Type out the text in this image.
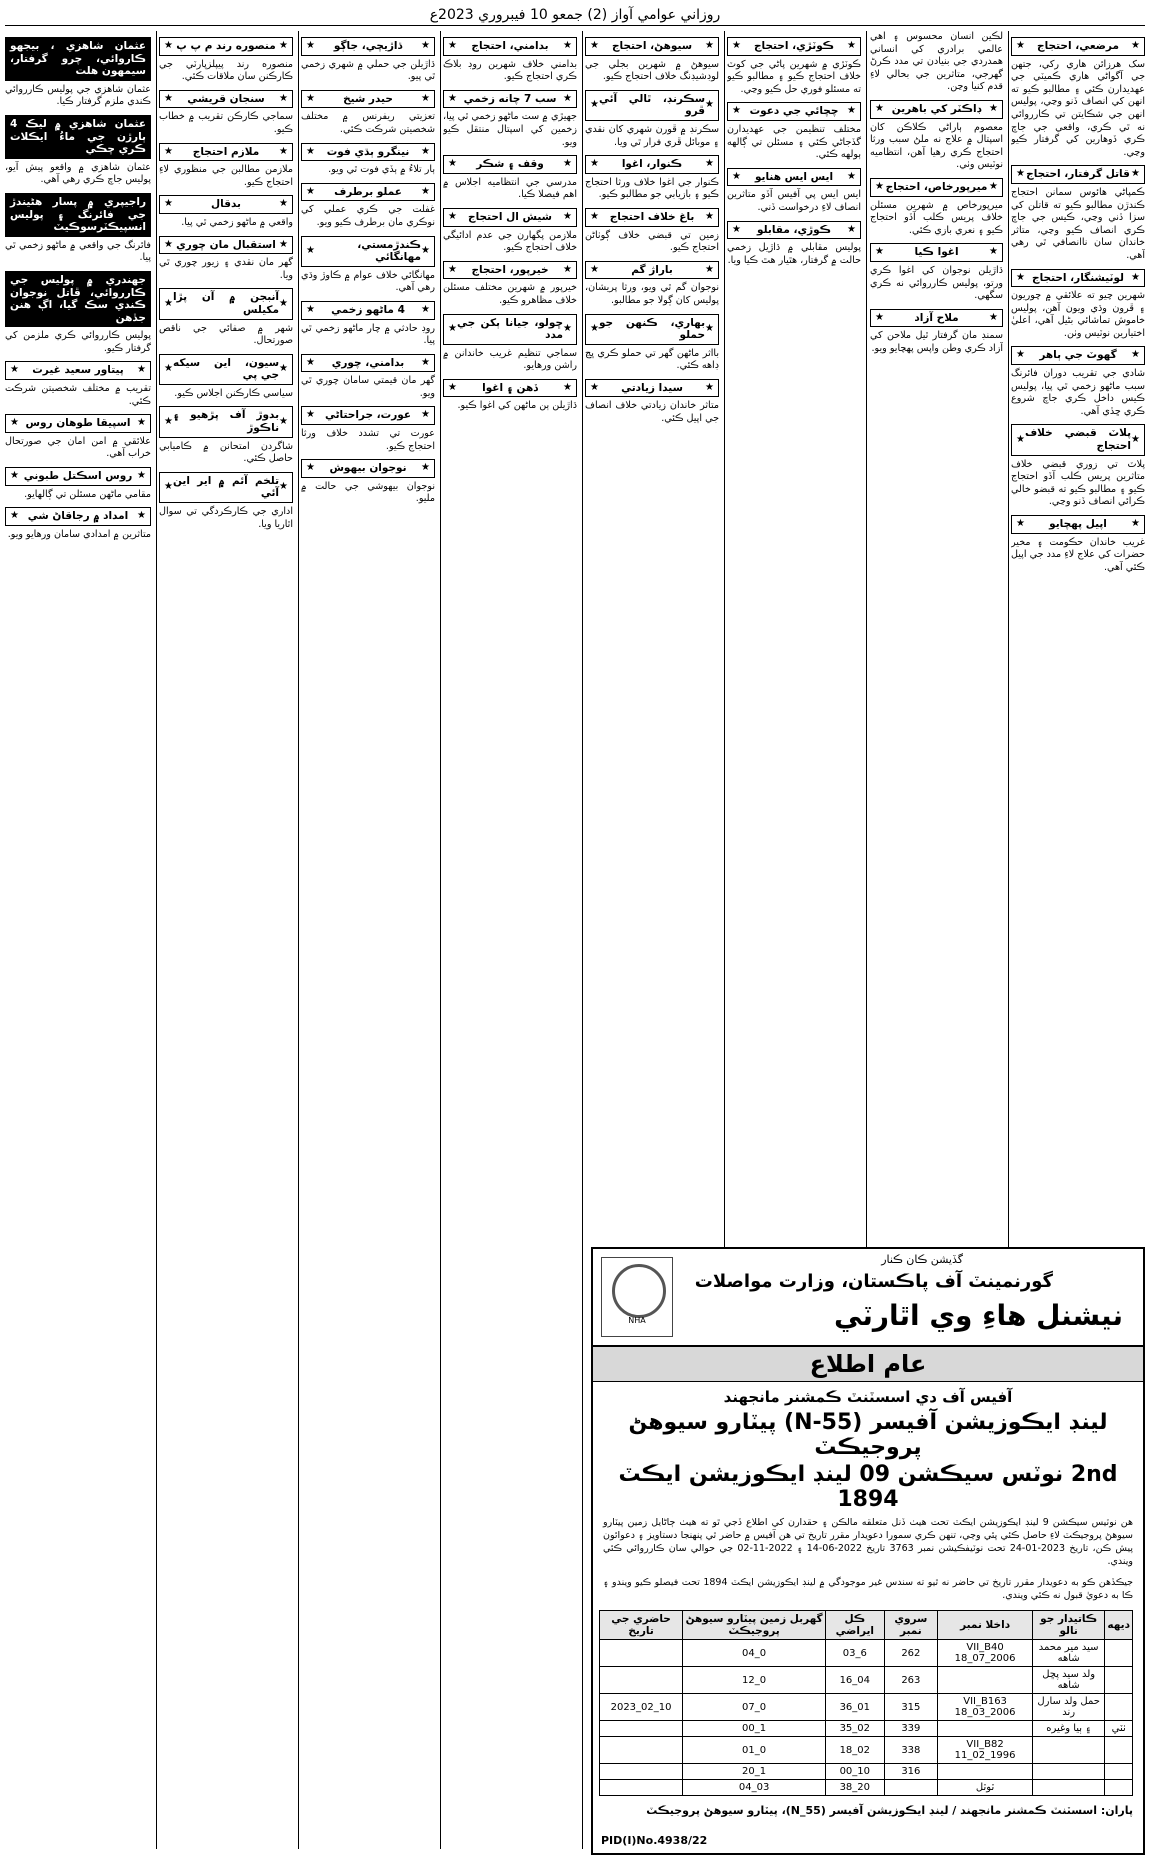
روزاني عوامي آواز (2) جمعو 10 فيبروري 2023ع
★
مرضعي، احتجاج
★
سک هرزائن هاري رکي، جتهن جي آگواڻي هاري ڪميٽي جي عهديدارن ڪئي ۽ مطالبو ڪيو ته انهن کي انصاف ڏنو وڃي، پوليس انهن جي شڪايتن تي ڪارروائي نه ٿي ڪري، واقعي جي جاچ ڪري ڏوهارين کي گرفتار ڪيو وڃي.
★
قاتل گرفتار، احتجاج
★
ڪمپاڻي هائوس سمانن احتجاج ڪندڙن مطالبو ڪيو ته قاتلن کي سزا ڏني وڃي، ڪيس جي جاچ ڪري انصاف ڪيو وڃي، متاثر خاندان سان ناانصافي ٿي رهي آهي.
★
لوٽيشنگار، احتجاج
★
شهرين چيو ته علائقي ۾ چوريون ۽ ڦرون وڌي ويون آهن، پوليس خاموش تماشائي بڻيل آهي، اعليٰ اختيارين نوٽيس وٺن.
★
گهوٽ جي ٻاهر
★
شادي جي تقريب دوران فائرنگ سبب ماڻهو زخمي ٿي پيا، پوليس ڪيس داخل ڪري جاچ شروع ڪري ڇڏي آهي.
★
پلاٽ قبضي خلاف احتجاج
★
پلاٽ تي زوري قبضي خلاف متاثرين پريس ڪلب آڏو احتجاج ڪيو ۽ مطالبو ڪيو ته قبضو خالي ڪرائي انصاف ڏنو وڃي.
★
اپيل پهچايو
★
غريب خاندان حڪومت ۽ مخير حضرات کي علاج لاءِ مدد جي اپيل ڪئي آهي.
لڪين انسان محسوس ۽ اهي عالمي برادري کي انساني همدردي جي بنيادن تي مدد ڪرڻ گهرجي، متاثرين جي بحالي لاءِ قدم کنيا وڃن.
★
ڊاڪٽر کي باهرين
★
معصوم ٻاراڻي ڪلاڪن کان اسپتال ۾ علاج نه ملڻ سبب ورثا احتجاج ڪري رهيا آهن، انتظاميه نوٽيس وٺي.
★
ميرپورخاص، احتجاج
★
ميرپورخاص ۾ شهرين مسئلن خلاف پريس ڪلب آڏو احتجاج ڪيو ۽ نعري بازي ڪئي.
★
اغوا ڪيا
★
ڌاڙيلن نوجوان کي اغوا ڪري ورتو، پوليس ڪارروائي نه ڪري سگهي.
★
ملاح آزاد
★
سمنڊ مان گرفتار ٿيل ملاحن کي آزاد ڪري وطن واپس پهچايو ويو.
★
ڪوٽڙي، احتجاج
★
ڪوٽڙي ۾ شهرين پاڻي جي کوٽ خلاف احتجاج ڪيو ۽ مطالبو ڪيو ته مسئلو فوري حل ڪيو وڃي.
★
چچائي جي دعوت
★
مختلف تنظيمن جي عهديدارن گڏجاڻي ڪئي ۽ مسئلن تي ڳالهه ٻولهه ڪئي.
★
ايس ايس هنايو
★
ايس ايس پي آفيس آڏو متاثرين انصاف لاءِ درخواست ڏني.
★
ڪوڙي، مقابلو
★
پوليس مقابلي ۾ ڌاڙيل زخمي حالت ۾ گرفتار، هٿيار هٿ ڪيا ويا.
★
سيوهڻ، احتجاج
★
سيوهڻ ۾ شهرين بجلي جي لوڊشيڊنگ خلاف احتجاج ڪيو.
★
سڪرنڊ، ٿالي آئي ڦرو
★
سڪرنڊ ۾ ڦورن شهري کان نقدي ۽ موبائل ڦري فرار ٿي ويا.
★
ڪنوار، اغوا
★
ڪنوار جي اغوا خلاف ورثا احتجاج ڪيو ۽ بازيابي جو مطالبو ڪيو.
★
باغ خلاف احتجاج
★
زمين تي قبضي خلاف ڳوٺاڻن احتجاج ڪيو.
★
باراژ گم
★
نوجوان گم ٿي ويو، ورثا پريشان، پوليس کان ڳولا جو مطالبو.
★
بهاري، ڪنهن جو حملو
★
بااثر ماڻهن گهر تي حملو ڪري ڀڃ ڊاهه ڪئي.
★
سيدا زيادتي
★
متاثر خاندان زيادتي خلاف انصاف جي اپيل ڪئي.
★
بدامني، احتجاج
★
بدامني خلاف شهرين روڊ بلاڪ ڪري احتجاج ڪيو.
★
سب 7 چانه زخمي
★
جهيڙي ۾ ست ماڻهو زخمي ٿي پيا، زخمين کي اسپتال منتقل ڪيو ويو.
★
وقف ۽ شڪر
★
مدرسي جي انتظاميه اجلاس ۾ اهم فيصلا ڪيا.
★
شيش ال احتجاج
★
ملازمن پگهارن جي عدم ادائيگي خلاف احتجاج ڪيو.
★
خيرپور، احتجاج
★
خيرپور ۾ شهرين مختلف مسئلن خلاف مظاهرو ڪيو.
★
ڇولو، جيانا ٻکن جي مدد
★
سماجي تنظيم غريب خاندانن ۾ راشن ورهايو.
★
ڏهن ۽ اغوا
★
ڌاڙيلن ٻن ماڻهن کي اغوا ڪيو.
★
ڌاڙيچي، جاڳو
★
ڌاڙيلن جي حملي ۾ شهري زخمي ٿي پيو.
★
حيدر شيخ
★
تعزيتي ريفرنس ۾ مختلف شخصيتن شرڪت ڪئي.
★
نينگرو ٻڌي فوت
★
ٻار تلاءُ ۾ ٻڏي فوت ٿي ويو.
★
عملو برطرف
★
غفلت جي ڪري عملي کي نوڪري مان برطرف ڪيو ويو.
★
ڪندڙمستي، مهانگائي
★
مهانگائي خلاف عوام ۾ ڪاوڙ وڌي رهي آهي.
★
4 ماڻهو زخمي
★
روڊ حادثي ۾ چار ماڻهو زخمي ٿي پيا.
★
بدامني، چوري
★
گهر مان قيمتي سامان چوري ٿي ويو.
★
عورت، جراحتاڻي
★
عورت تي تشدد خلاف ورثا احتجاج ڪيو.
★
نوجوان بيهوش
★
نوجوان بيهوشي جي حالت ۾ مليو.
★
منصوره رند م پ پ
★
منصوره رند پيپلزپارٽي جي ڪارڪنن سان ملاقات ڪئي.
★
سنجان قريشي
★
سماجي ڪارڪن تقريب ۾ خطاب ڪيو.
★
ملازم احتجاج
★
ملازمن مطالبن جي منظوري لاءِ احتجاج ڪيو.
★
بدقال
★
واقعي ۾ ماڻهو زخمي ٿي پيا.
★
استقبال مان چوري
★
گهر مان نقدي ۽ زيور چوري ٿي ويا.
★
آنبجن ۾ آن پڙا مكيلس
★
شهر ۾ صفائي جي ناقص صورتحال.
★
سيون، اين سيکه جي پي
★
سياسي ڪارڪنن اجلاس ڪيو.
★
بدوڙ آف پڙهيو ۽ ناڪوڙ
★
شاگردن امتحانن ۾ ڪاميابي حاصل ڪئي.
★
تلخم آئم ۾ اير اين آئي
★
اداري جي ڪارڪردگي تي سوال اٿاريا ويا.
عثمان شاهزي ، بيجهو ڪاروائي، چرو گرفتار، سيمهون هلت
عثمان شاهزي جي پوليس ڪارروائي ڪندي ملزم گرفتار ڪيا.
عثمان شاهزي ۾ ليڪ 4 ٻارڙن جي ماءُ ايڪلات ڪري چڪي
عثمان شاهزي ۾ واقعو پيش آيو، پوليس جاچ ڪري رهي آهي.
راجيپري ۾ پسار هڻيندڙ جي فائرنگ ۽ پوليس انسپيڪٽرسوڪيٽ
فائرنگ جي واقعي ۾ ماڻهو زخمي ٿي پيا.
جهندري ۾ پوليس جي ڪارروائي، ڦاتل نوجوان ڪندي سڪ گيا، اڳ هنن جڏهن
پوليس ڪارروائي ڪري ملزمن کي گرفتار ڪيو.
★
پيتاور سعيد غيرت
★
تقريب ۾ مختلف شخصيتن شرڪت ڪئي.
★
اسپيقا طوهان روس
★
علائقي ۾ امن امان جي صورتحال خراب آهي.
★
روس اسڪتل طبوني
★
مقامي ماڻهن مسئلن تي ڳالهايو.
★
امداد ۾ رجاقاڻ شي
★
متاثرين ۾ امدادي سامان ورهايو ويو.
NHA
گڏيشن ڪان ڪنار
گورنمينٽ آف پاڪستان، وزارت مواصلات
نيشنل هاءِ وي اٿارٽي
عام اطلاع
آفيس آف دي اسسٽنٽ ڪمشنر مانجهند
لينڊ ايڪوزيشن آفيسر (N-55) پيٽارو سيوهڻ پروجيڪٽ
2nd نوٽس سيڪشن 09 لينڊ ايڪوزيشن ايڪٽ 1894
هن نوٽيس سيڪشن 9 لينڊ ايڪوزيشن ايڪٽ تحت هيٺ ڏنل متعلقه مالڪن ۽ حقدارن کي اطلاع ڏجي ٿو ته هيٺ ڄاڻايل زمين پيٽارو سيوهڻ پروجيڪٽ لاءِ حاصل ڪئي پئي وڃي، تنهن ڪري سمورا دعويدار مقرر تاريخ تي هن آفيس ۾ حاضر ٿي پنهنجا دستاويز ۽ دعوائون پيش ڪن، تاريخ 2023-01-24 تحت نوٽيفڪيشن نمبر 3763 تاريخ 2022-06-14 ۽ 2022-11-02 جي حوالي سان ڪارروائي ڪئي ويندي.
جيڪڏهن ڪو به دعويدار مقرر تاريخ تي حاضر نه ٿيو ته سندس غير موجودگي ۾ لينڊ ايڪوزيشن ايڪٽ 1894 تحت فيصلو ڪيو ويندو ۽ ڪا به دعويٰ قبول نه ڪئي ويندي.
ديهه	ڪاتيدار جو نالو	داخلا نمبر	سروي نمبر	ڪل ايراضي	گهربل زمين پيٽارو سيوهڻ پروجيڪٽ	حاضري جي تاريخ
	سيد مير محمد شاهه	VII_B40 18_07_2006	262	6_03	0_04	
	ولد سيد پڇل شاهه		263	04_16	0_12	
	حمل ولد سارل رند	VII_B163 18_03_2006	315	01_36	0_07	10_02_2023
ٺٽي	۽ ٻيا وغيره		339	02_35	1_00	
		VII_B82 11_02_1996	338	02_18	0_01	
			316	10_00	1_20	
		ٽوٽل		20_38	03_04	
پاران: اسسٽنٽ ڪمشنر مانجهند / لينڊ ايڪوزيشن آفيسر (N_55)، پيٽارو سيوهڻ پروجيڪٽ
PID(I)No.4938/22
